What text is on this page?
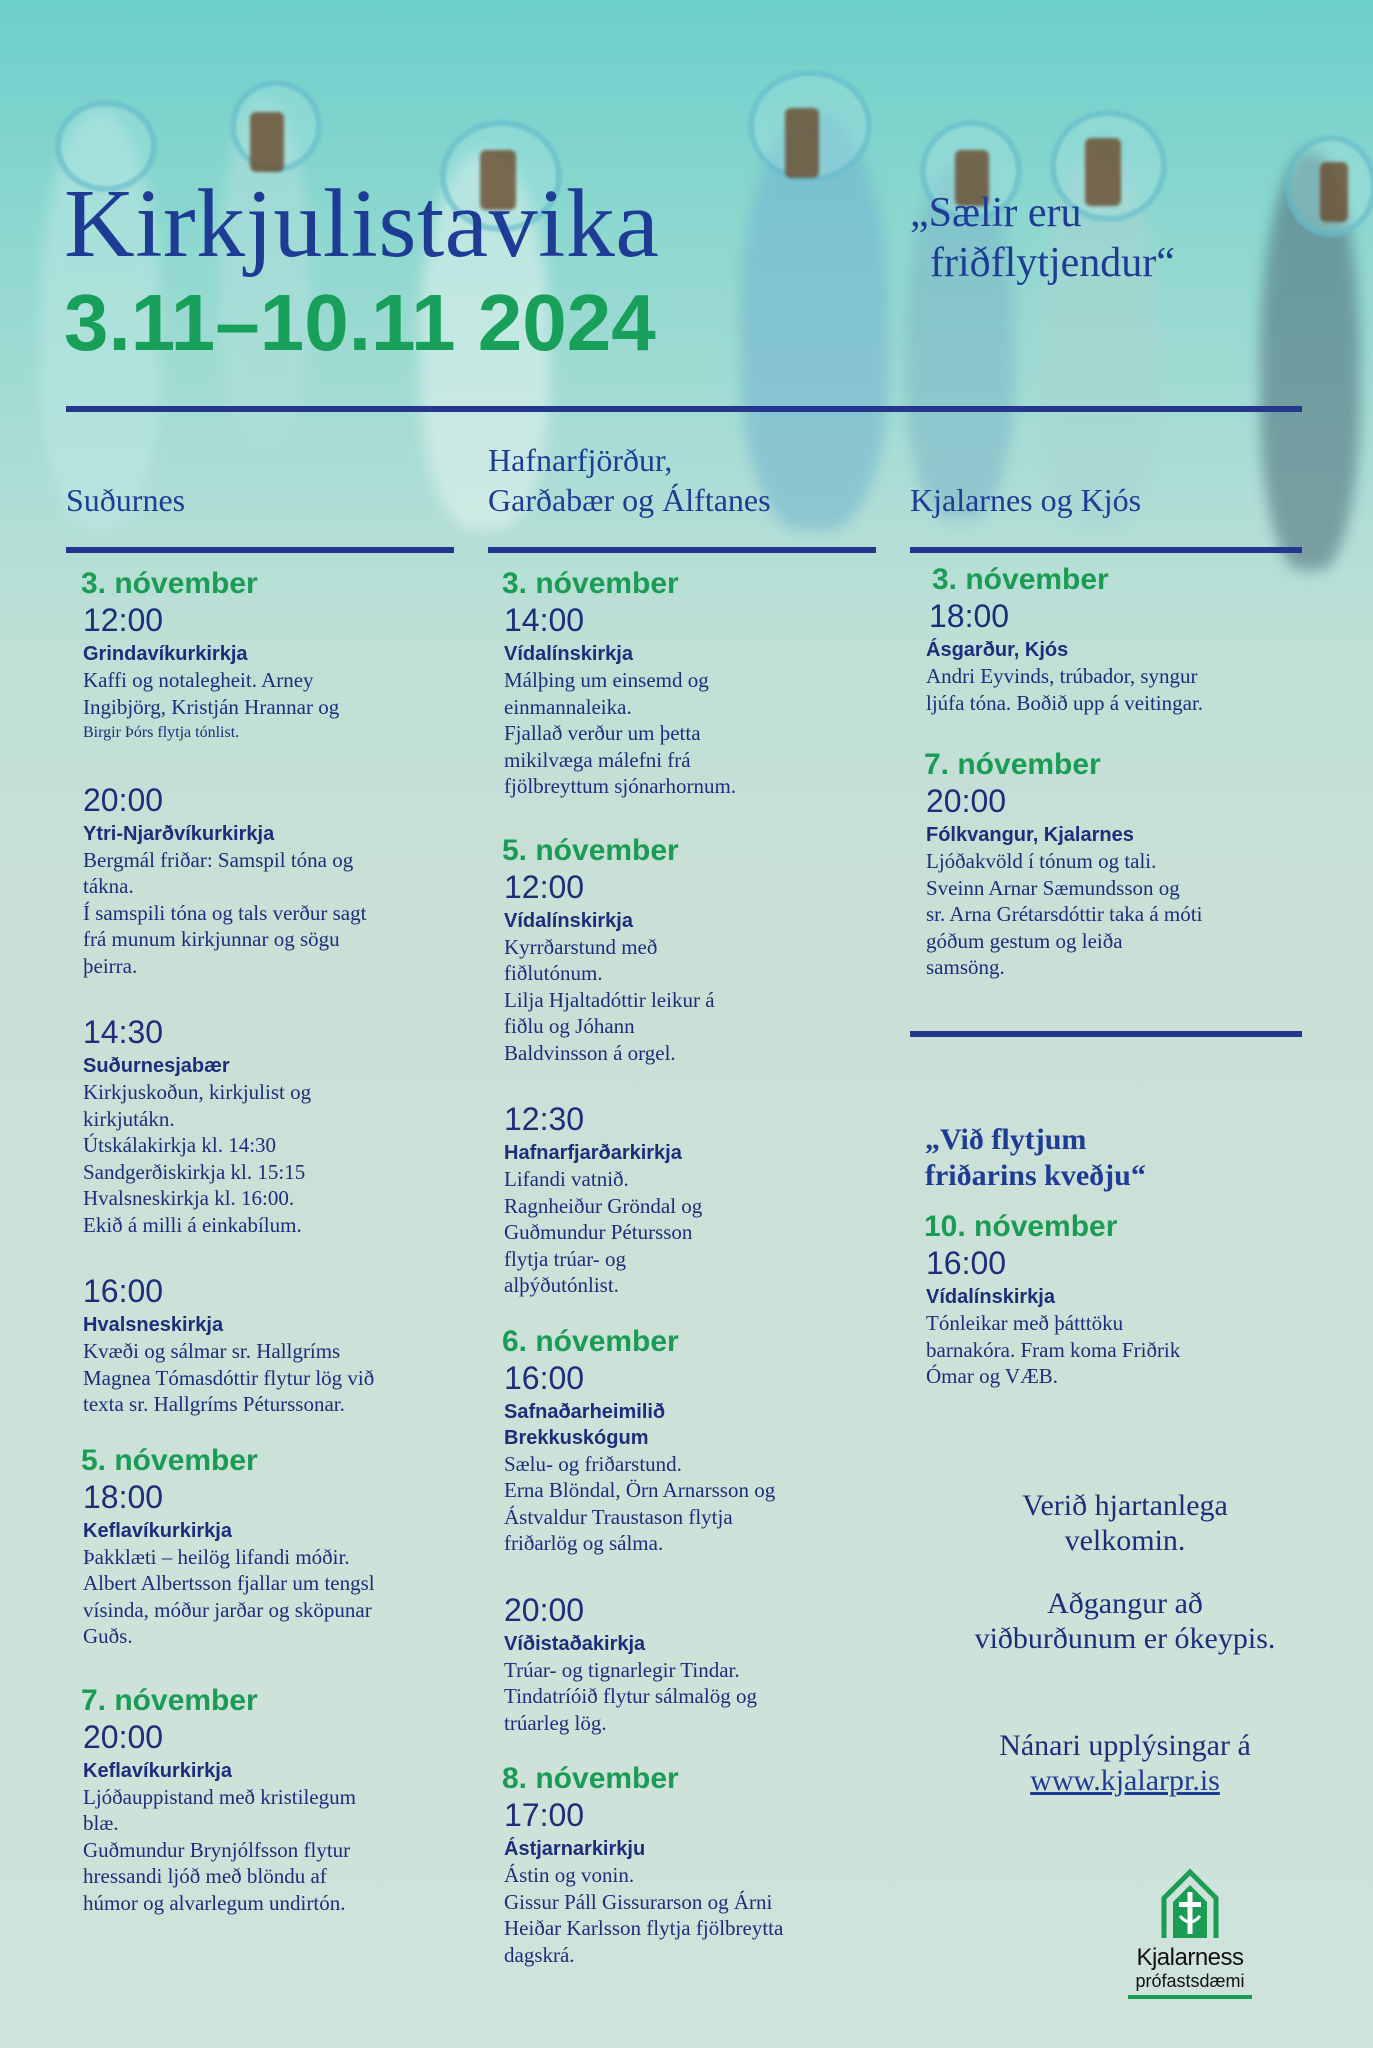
Kirkjulistavika
3.11–10.11 2024
„Sælir eru
friðflytjendur“
Suðurnes
Hafnarfjörður,
Garðabær og Álftanes	Kjalarnes og Kjós
3. nóvember
12:00
Grindavíkurkirkja
Kaffi og notalegheit. Arney
Ingibjörg, Kristján Hrannar og
Birgir Þórs flytja tónlist.
20:00
Ytri-Njarðvíkurkirkja
Bergmál friðar: Samspil tóna og
tákna.
Í samspili tóna og tals verður sagt
frá munum kirkjunnar og sögu
þeirra.
14:30
Suðurnesjabær
Kirkjuskoðun, kirkjulist og
kirkjutákn.
Útskálakirkja kl. 14:30
Sandgerðiskirkja kl. 15:15
Hvalsneskirkja kl. 16:00.
Ekið á milli á einkabílum.
16:00
Hvalsneskirkja
Kvæði og sálmar sr. Hallgríms
Magnea Tómasdóttir flytur lög við
texta sr. Hallgríms Péturssonar.
5. nóvember
18:00
Keflavíkurkirkja
Þakklæti – heilög lifandi móðir.
Albert Albertsson fjallar um tengsl
vísinda, móður jarðar og sköpunar
Guðs.
7. nóvember
20:00
Keflavíkurkirkja
Ljóðauppistand með kristilegum
blæ.
Guðmundur Brynjólfsson flytur
hressandi ljóð með blöndu af
húmor og alvarlegum undirtón.
3. nóvember
14:00
Vídalínskirkja
Málþing um einsemd og
einmannaleika.
Fjallað verður um þetta
mikilvæga málefni frá
fjölbreyttum sjónarhornum.
5. nóvember
12:00
Vídalínskirkja
Kyrrðarstund með
fiðlutónum.
Lilja Hjaltadóttir leikur á
fiðlu og Jóhann
Baldvinsson á orgel.
12:30
Hafnarfjarðarkirkja
Lifandi vatnið.
Ragnheiður Gröndal og
Guðmundur Pétursson
flytja trúar- og
alþýðutónlist.
6. nóvember
16:00
Safnaðarheimilið
Brekkuskógum
Sælu- og friðarstund.
Erna Blöndal, Örn Arnarsson og
Ástvaldur Traustason flytja
friðarlög og sálma.
20:00
Víðistaðakirkja
Trúar- og tignarlegir Tindar.
Tindatríóið flytur sálmalög og
trúarleg lög.
8. nóvember
17:00
Ástjarnarkirkju
Ástin og vonin.
Gissur Páll Gissurarson og Árni
Heiðar Karlsson flytja fjölbreytta
dagskrá.
3. nóvember
18:00
Ásgarður, Kjós
Andri Eyvinds, trúbador, syngur
ljúfa tóna. Boðið upp á veitingar.
7. nóvember
20:00
Fólkvangur, Kjalarnes
Ljóðakvöld í tónum og tali.
Sveinn Arnar Sæmundsson og
sr. Arna Grétarsdóttir taka á móti
góðum gestum og leiða
samsöng.
„Við flytjum
friðarins kveðju“
10. nóvember
16:00
Vídalínskirkja
Tónleikar með þátttöku
barnakóra. Fram koma Friðrik
Ómar og VÆB.
Verið hjartanlega
velkomin.
Aðgangur að
viðburðunum er ókeypis.
Nánari upplýsingar á
www.kjalarpr.is
Kjalarness
prófastsdæmi
